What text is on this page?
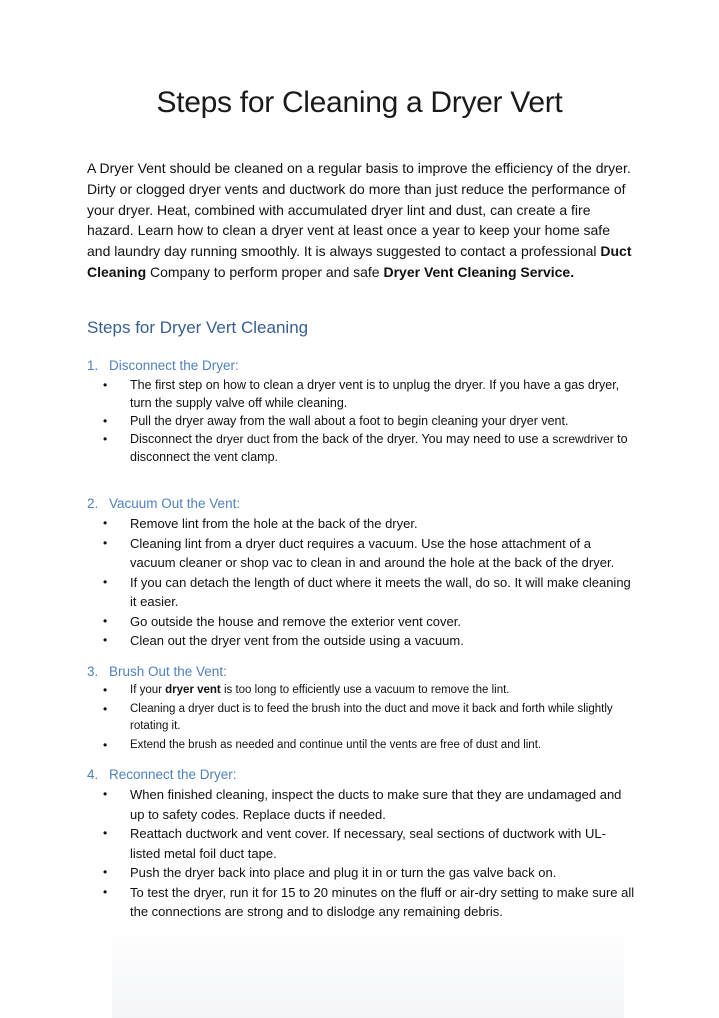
Steps for Cleaning a Dryer Vert

A Dryer Vent should be cleaned on a regular basis to improve the efficiency of the dryer. Dirty or clogged dryer vents and ductwork do more than just reduce the performance of your dryer. Heat, combined with accumulated dryer lint and dust, can create a fire hazard. Learn how to clean a dryer vent at least once a year to keep your home safe and laundry day running smoothly. It is always suggested to contact a professional Duct Cleaning Company to perform proper and safe Dryer Vent Cleaning Service.

Steps for Dryer Vert Cleaning
1. Disconnect the Dryer:
• The first step on how to clean a dryer vent is to unplug the dryer. If you have a gas dryer, turn the supply valve off while cleaning.
• Pull the dryer away from the wall about a foot to begin cleaning your dryer vent.
• Disconnect the dryer duct from the back of the dryer. You may need to use a screwdriver to disconnect the vent clamp.
2. Vacuum Out the Vent:
• Remove lint from the hole at the back of the dryer.
• Cleaning lint from a dryer duct requires a vacuum. Use the hose attachment of a vacuum cleaner or shop vac to clean in and around the hole at the back of the dryer.
• If you can detach the length of duct where it meets the wall, do so. It will make cleaning it easier.
• Go outside the house and remove the exterior vent cover.
• Clean out the dryer vent from the outside using a vacuum.
3. Brush Out the Vent:
• If your dryer vent is too long to efficiently use a vacuum to remove the lint.
• Cleaning a dryer duct is to feed the brush into the duct and move it back and forth while slightly rotating it.
• Extend the brush as needed and continue until the vents are free of dust and lint.
4. Reconnect the Dryer:
• When finished cleaning, inspect the ducts to make sure that they are undamaged and up to safety codes. Replace ducts if needed.
• Reattach ductwork and vent cover. If necessary, seal sections of ductwork with UL-listed metal foil duct tape.
• Push the dryer back into place and plug it in or turn the gas valve back on.
• To test the dryer, run it for 15 to 20 minutes on the fluff or air-dry setting to make sure all the connections are strong and to dislodge any remaining debris.
